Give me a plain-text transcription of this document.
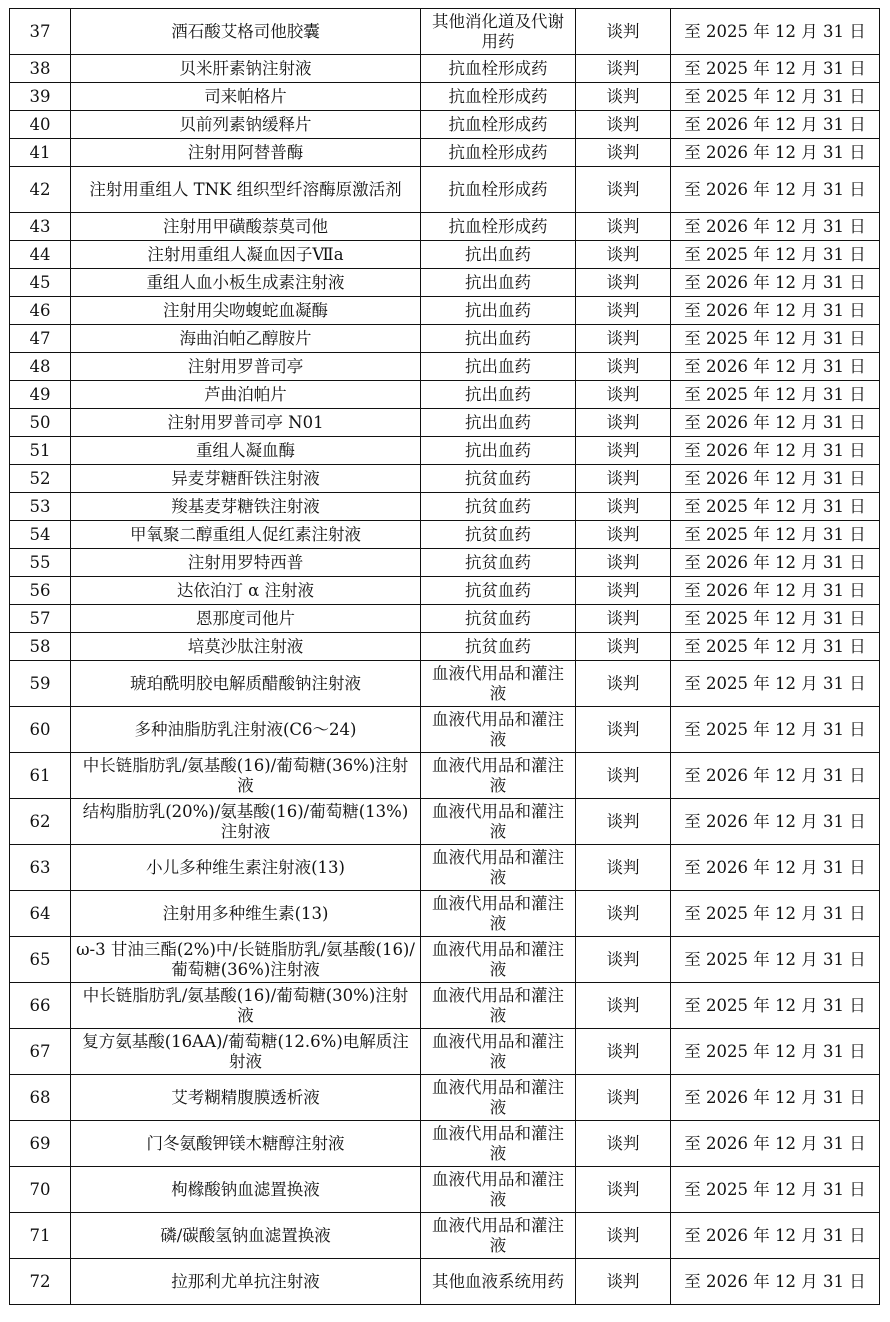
37	酒石酸艾格司他胶囊	其他消化道及代谢用药	谈判	至 2025 年 12 月 31 日
38	贝米肝素钠注射液	抗血栓形成药	谈判	至 2025 年 12 月 31 日
39	司来帕格片	抗血栓形成药	谈判	至 2025 年 12 月 31 日
40	贝前列素钠缓释片	抗血栓形成药	谈判	至 2026 年 12 月 31 日
41	注射用阿替普酶	抗血栓形成药	谈判	至 2026 年 12 月 31 日
42	注射用重组人 TNK 组织型纤溶酶原激活剂	抗血栓形成药	谈判	至 2026 年 12 月 31 日
43	注射用甲磺酸萘莫司他	抗血栓形成药	谈判	至 2026 年 12 月 31 日
44	注射用重组人凝血因子Ⅶa	抗出血药	谈判	至 2025 年 12 月 31 日
45	重组人血小板生成素注射液	抗出血药	谈判	至 2026 年 12 月 31 日
46	注射用尖吻蝮蛇血凝酶	抗出血药	谈判	至 2026 年 12 月 31 日
47	海曲泊帕乙醇胺片	抗出血药	谈判	至 2025 年 12 月 31 日
48	注射用罗普司亭	抗出血药	谈判	至 2026 年 12 月 31 日
49	芦曲泊帕片	抗出血药	谈判	至 2025 年 12 月 31 日
50	注射用罗普司亭 N01	抗出血药	谈判	至 2026 年 12 月 31 日
51	重组人凝血酶	抗出血药	谈判	至 2026 年 12 月 31 日
52	异麦芽糖酐铁注射液	抗贫血药	谈判	至 2026 年 12 月 31 日
53	羧基麦芽糖铁注射液	抗贫血药	谈判	至 2025 年 12 月 31 日
54	甲氧聚二醇重组人促红素注射液	抗贫血药	谈判	至 2025 年 12 月 31 日
55	注射用罗特西普	抗贫血药	谈判	至 2026 年 12 月 31 日
56	达依泊汀 α 注射液	抗贫血药	谈判	至 2026 年 12 月 31 日
57	恩那度司他片	抗贫血药	谈判	至 2025 年 12 月 31 日
58	培莫沙肽注射液	抗贫血药	谈判	至 2025 年 12 月 31 日
59	琥珀酰明胶电解质醋酸钠注射液	血液代用品和灌注液	谈判	至 2025 年 12 月 31 日
60	多种油脂肪乳注射液(C6～24)	血液代用品和灌注液	谈判	至 2025 年 12 月 31 日
61	中长链脂肪乳/氨基酸(16)/葡萄糖(36%)注射液	血液代用品和灌注液	谈判	至 2026 年 12 月 31 日
62	结构脂肪乳(20%)/氨基酸(16)/葡萄糖(13%)注射液	血液代用品和灌注液	谈判	至 2026 年 12 月 31 日
63	小儿多种维生素注射液(13)	血液代用品和灌注液	谈判	至 2026 年 12 月 31 日
64	注射用多种维生素(13)	血液代用品和灌注液	谈判	至 2025 年 12 月 31 日
65	ω-3 甘油三酯(2%)中/长链脂肪乳/氨基酸(16)/葡萄糖(36%)注射液	血液代用品和灌注液	谈判	至 2025 年 12 月 31 日
66	中长链脂肪乳/氨基酸(16)/葡萄糖(30%)注射液	血液代用品和灌注液	谈判	至 2025 年 12 月 31 日
67	复方氨基酸(16AA)/葡萄糖(12.6%)电解质注射液	血液代用品和灌注液	谈判	至 2025 年 12 月 31 日
68	艾考糊精腹膜透析液	血液代用品和灌注液	谈判	至 2026 年 12 月 31 日
69	门冬氨酸钾镁木糖醇注射液	血液代用品和灌注液	谈判	至 2026 年 12 月 31 日
70	枸橼酸钠血滤置换液	血液代用品和灌注液	谈判	至 2025 年 12 月 31 日
71	磷/碳酸氢钠血滤置换液	血液代用品和灌注液	谈判	至 2026 年 12 月 31 日
72	拉那利尤单抗注射液	其他血液系统用药	谈判	至 2026 年 12 月 31 日
